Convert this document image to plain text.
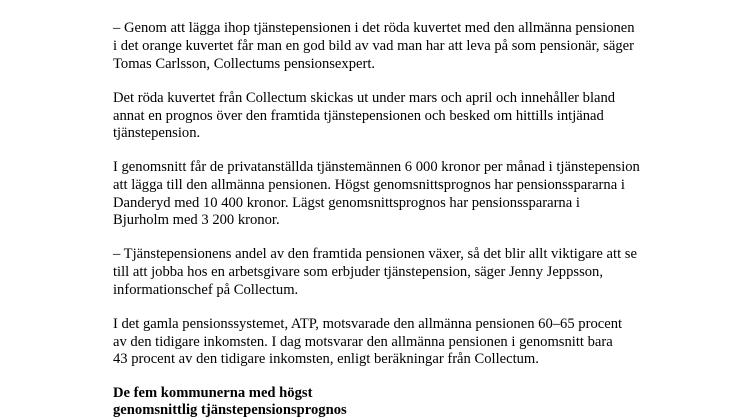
– Genom att lägga ihop tjänstepensionen i det röda kuvertet med den allmänna pensionen
i det orange kuvertet får man en god bild av vad man har att leva på som pensionär, säger
Tomas Carlsson, Collectums pensionsexpert.
Det röda kuvertet från Collectum skickas ut under mars och april och innehåller bland
annat en prognos över den framtida tjänstepensionen och besked om hittills intjänad
tjänstepension.
I genomsnitt får de privatanställda tjänstemännen 6 000 kronor per månad i tjänstepension
att lägga till den allmänna pensionen. Högst genomsnittsprognos har pensionsspararna i
Danderyd med 10 400 kronor. Lägst genomsnittsprognos har pensionsspararna i
Bjurholm med 3 200 kronor.
– Tjänstepensionens andel av den framtida pensionen växer, så det blir allt viktigare att se
till att jobba hos en arbetsgivare som erbjuder tjänstepension, säger Jenny Jeppsson,
informationschef på Collectum.
I det gamla pensionssystemet, ATP, motsvarade den allmänna pensionen 60–65 procent
av den tidigare inkomsten. I dag motsvarar den allmänna pensionen i genomsnitt bara
43 procent av den tidigare inkomsten, enligt beräkningar från Collectum.
De fem kommunerna med högst
genomsnittlig tjänstepensionsprognos
